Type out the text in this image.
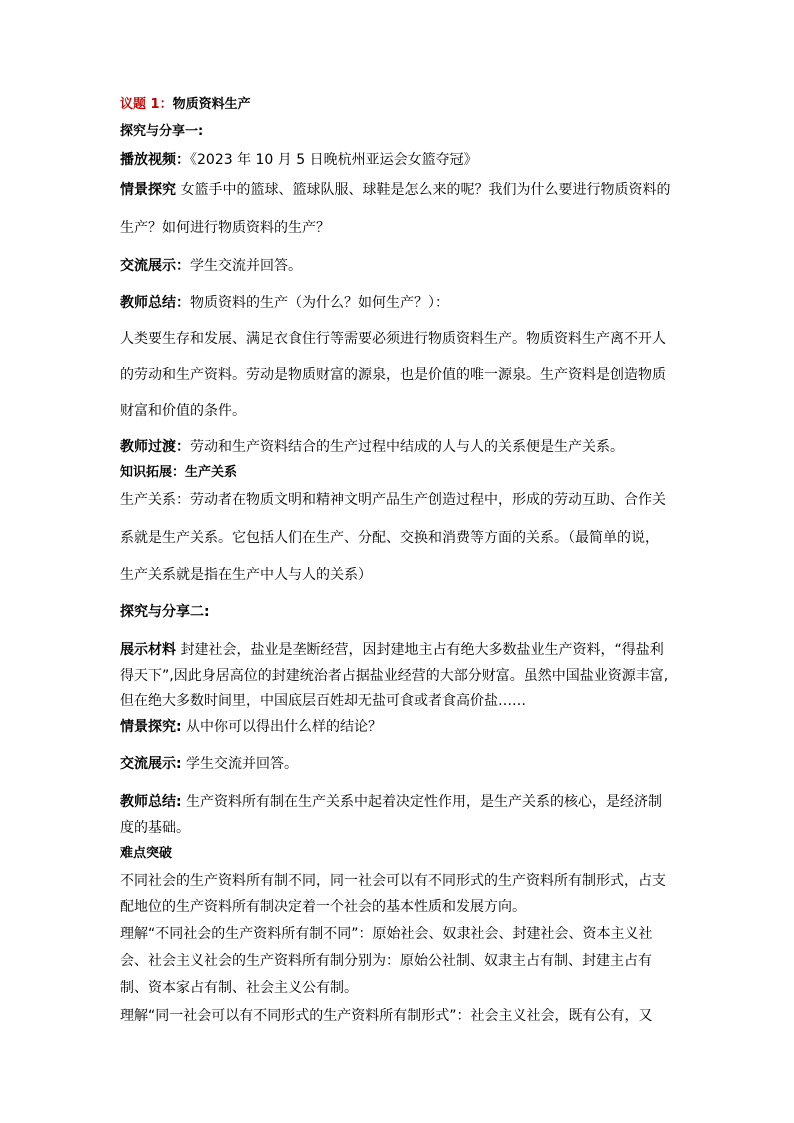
议题 1：物质资料生产
探究与分享一:
播放视频：《2023 年 10 月 5 日晚杭州亚运会女篮夺冠》
情景探究 女篮手中的篮球、篮球队服、球鞋是怎么来的呢？我们为什么要进行物质资料的
生产？如何进行物质资料的生产？
交流展示：学生交流并回答。
教师总结：物质资料的生产（为什么？如何生产？）：
人类要生存和发展、满足衣食住行等需要必须进行物质资料生产。物质资料生产离不开人
的劳动和生产资料。劳动是物质财富的源泉，也是价值的唯一源泉。生产资料是创造物质
财富和价值的条件。
教师过渡：劳动和生产资料结合的生产过程中结成的人与人的关系便是生产关系。
知识拓展：生产关系
生产关系：劳动者在物质文明和精神文明产品生产创造过程中，形成的劳动互助、合作关
系就是生产关系。它包括人们在生产、分配、交换和消费等方面的关系。（最简单的说，
生产关系就是指在生产中人与人的关系）
探究与分享二:
展示材料 封建社会，盐业是垄断经营，因封建地主占有绝大多数盐业生产资料，“得盐利
得天下”,因此身居高位的封建统治者占据盐业经营的大部分财富。虽然中国盐业资源丰富,
但在绝大多数时间里，中国底层百姓却无盐可食或者食高价盐……
情景探究: 从中你可以得出什么样的结论？
交流展示: 学生交流并回答。
教师总结: 生产资料所有制在生产关系中起着决定性作用，是生产关系的核心，是经济制
度的基础。
难点突破
不同社会的生产资料所有制不同，同一社会可以有不同形式的生产资料所有制形式，占支
配地位的生产资料所有制决定着一个社会的基本性质和发展方向。
理解“不同社会的生产资料所有制不同”：原始社会、奴隶社会、封建社会、资本主义社
会、社会主义社会的生产资料所有制分别为：原始公社制、奴隶主占有制、封建主占有
制、资本家占有制、社会主义公有制。
理解“同一社会可以有不同形式的生产资料所有制形式”：社会主义社会，既有公有，又
